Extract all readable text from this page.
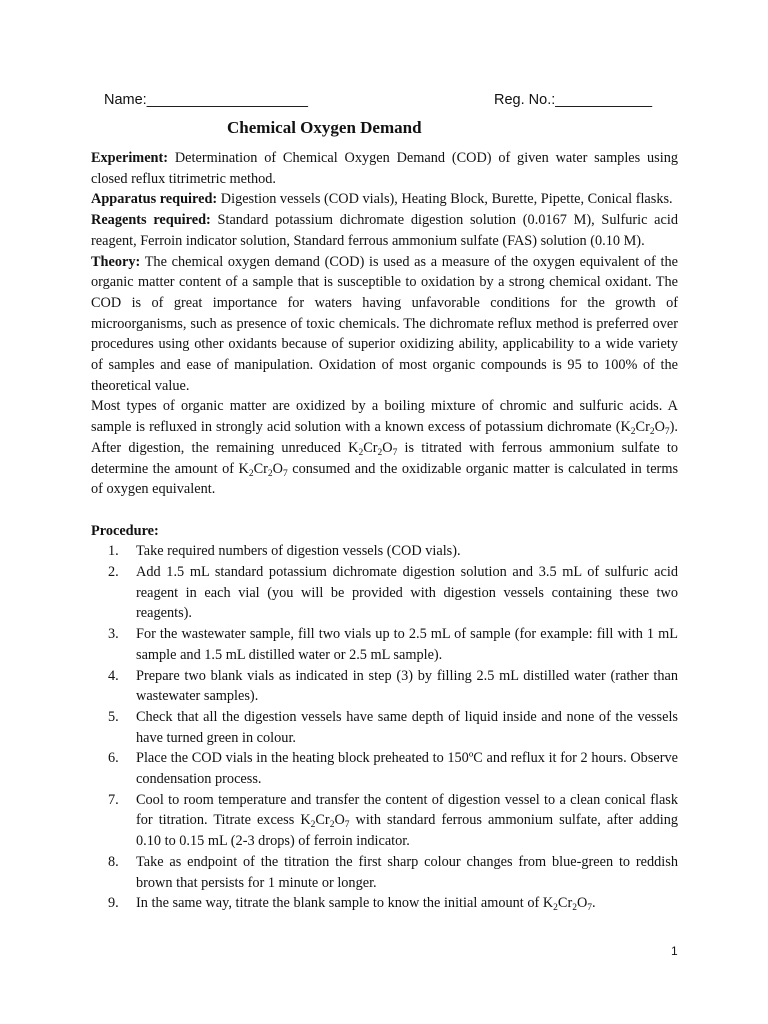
Name:____________________	Reg. No.:____________
Chemical Oxygen Demand

Experiment: Determination of Chemical Oxygen Demand (COD) of given water samples using closed reflux titrimetric method.

Apparatus required: Digestion vessels (COD vials), Heating Block, Burette, Pipette, Conical flasks.

Reagents required: Standard potassium dichromate digestion solution (0.0167 M), Sulfuric acid reagent, Ferroin indicator solution, Standard ferrous ammonium sulfate (FAS) solution (0.10 M).

Theory: The chemical oxygen demand (COD) is used as a measure of the oxygen equivalent of the organic matter content of a sample that is susceptible to oxidation by a strong chemical oxidant. The COD is of great importance for waters having unfavorable conditions for the growth of microorganisms, such as presence of toxic chemicals. The dichromate reflux method is preferred over procedures using other oxidants because of superior oxidizing ability, applicability to a wide variety of samples and ease of manipulation. Oxidation of most organic compounds is 95 to 100% of the theoretical value.

Most types of organic matter are oxidized by a boiling mixture of chromic and sulfuric acids. A sample is refluxed in strongly acid solution with a known excess of potassium dichromate $(K_2Cr_2O_7)$. After digestion, the remaining unreduced $K_2Cr_2O_7$ is titrated with ferrous ammonium sulfate to determine the amount of $K_2Cr_2O_7$ consumed and the oxidizable organic matter is calculated in terms of oxygen equivalent.

Procedure:

1. Take required numbers of digestion vessels (COD vials).
2. Add 1.5 mL standard potassium dichromate digestion solution and 3.5 mL of sulfuric acid reagent in each vial (you will be provided with digestion vessels containing these two reagents).
3. For the wastewater sample, fill two vials up to 2.5 mL of sample (for example: fill with 1 mL sample and 1.5 mL distilled water or 2.5 mL sample).
4. Prepare two blank vials as indicated in step (3) by filling 2.5 mL distilled water (rather than wastewater samples).
5. Check that all the digestion vessels have same depth of liquid inside and none of the vessels have turned green in colour.
6. Place the COD vials in the heating block preheated to 150ºC and reflux it for 2 hours. Observe condensation process.
7. Cool to room temperature and transfer the content of digestion vessel to a clean conical flask for titration. Titrate excess $K_2Cr_2O_7$ with standard ferrous ammonium sulfate, after adding 0.10 to 0.15 mL (2-3 drops) of ferroin indicator.
8. Take as endpoint of the titration the first sharp colour changes from blue-green to reddish brown that persists for 1 minute or longer.
9. In the same way, titrate the blank sample to know the initial amount of $K_2Cr_2O_7$.
1
